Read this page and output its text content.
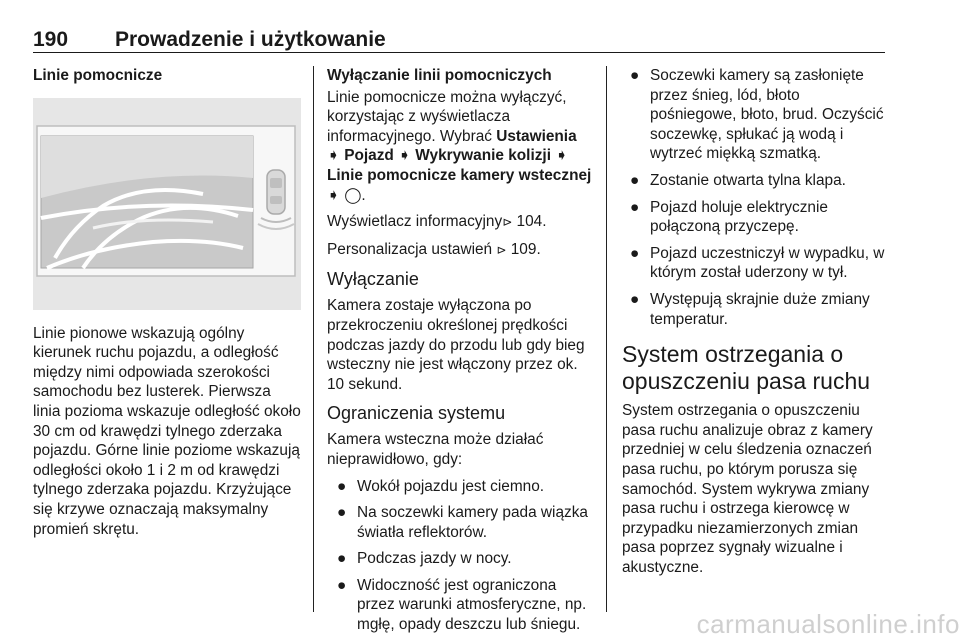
190 Prowadzenie i użytkowanie
Linie pomocnicze

Linie pionowe wskazują ogólny kierunek ruchu pojazdu, a odległość między nimi odpowiada szerokości samochodu bez lusterek. Pierwsza linia pozioma wskazuje odległość około 30 cm od krawędzi tylnego zderzaka pojazdu. Górne linie poziome wskazują odległości około 1 i 2 m od krawędzi tylnego zderzaka pojazdu. Krzyżujące się krzywe oznaczają maksymalny promień skrętu.

Wyłączanie linii pomocniczych

Linie pomocnicze można wyłączyć, korzystając z wyświetlacza informacyjnego. Wybrać Ustawienia ➧ Pojazd ➧ Wykrywanie kolizji ➧ Linie pomocnicze kamery wstecznej ➧ ◯.

Wyświetlacz informacyjny⊳ 104.

Personalizacja ustawień ⊳ 109.

Wyłączanie

Kamera zostaje wyłączona po przekroczeniu określonej prędkości podczas jazdy do przodu lub gdy bieg wsteczny nie jest włączony przez ok. 10 sekund.

Ograniczenia systemu

Kamera wsteczna może działać nieprawidłowo, gdy:

● Wokół pojazdu jest ciemno.
● Na soczewki kamery pada wiązka światła reflektorów.
● Podczas jazdy w nocy.
● Widoczność jest ograniczona przez warunki atmosferyczne, np. mgłę, opady deszczu lub śniegu.
● Soczewki kamery są zasłonięte przez śnieg, lód, błoto pośniegowe, błoto, brud. Oczyścić soczewkę, spłukać ją wodą i wytrzeć miękką szmatką.
● Zostanie otwarta tylna klapa.
● Pojazd holuje elektrycznie połączoną przyczepę.
● Pojazd uczestniczył w wypadku, w którym został uderzony w tył.
● Występują skrajnie duże zmiany temperatur.
System ostrzegania o opuszczeniu pasa ruchu

System ostrzegania o opuszczeniu pasa ruchu analizuje obraz z kamery przedniej w celu śledzenia oznaczeń pasa ruchu, po którym porusza się samochód. System wykrywa zmiany pasa ruchu i ostrzega kierowcę w przypadku niezamierzonych zmian pasa poprzez sygnały wizualne i akustyczne.

carmanualsonline.info
